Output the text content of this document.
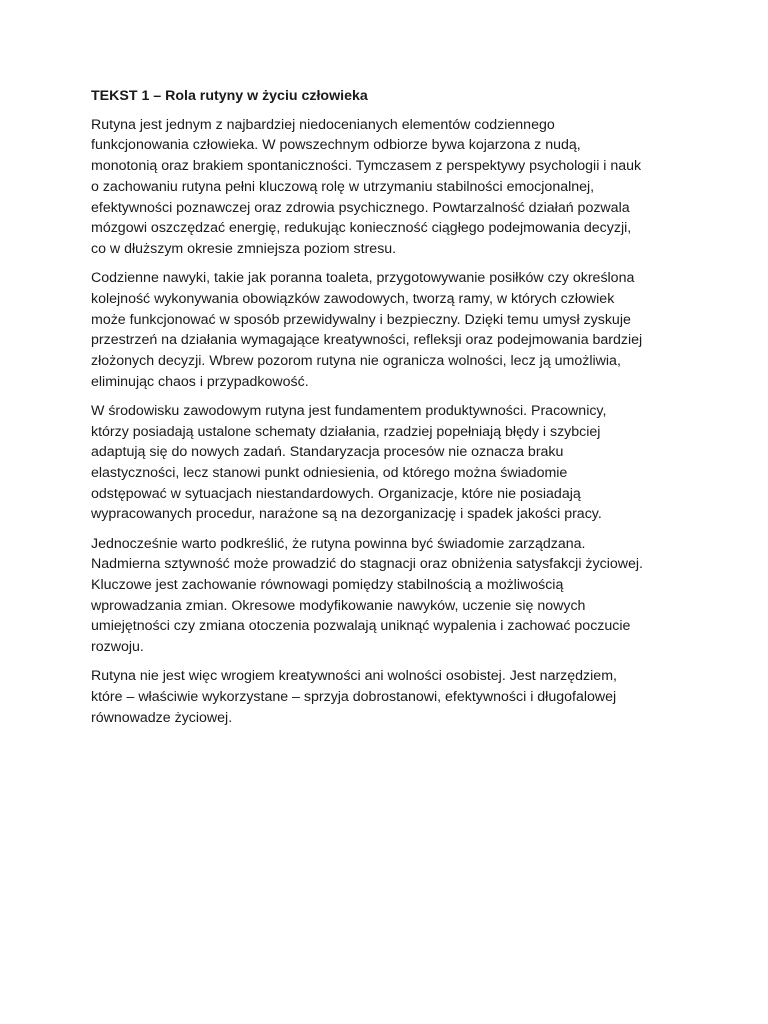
TEKST 1 – Rola rutyny w życiu człowieka
Rutyna jest jednym z najbardziej niedocenianych elementów codziennego
funkcjonowania człowieka. W powszechnym odbiorze bywa kojarzona z nudą,
monotonią oraz brakiem spontaniczności. Tymczasem z perspektywy psychologii i nauk
o zachowaniu rutyna pełni kluczową rolę w utrzymaniu stabilności emocjonalnej,
efektywności poznawczej oraz zdrowia psychicznego. Powtarzalność działań pozwala
mózgowi oszczędzać energię, redukując konieczność ciągłego podejmowania decyzji,
co w dłuższym okresie zmniejsza poziom stresu.
Codzienne nawyki, takie jak poranna toaleta, przygotowywanie posiłków czy określona
kolejność wykonywania obowiązków zawodowych, tworzą ramy, w których człowiek
może funkcjonować w sposób przewidywalny i bezpieczny. Dzięki temu umysł zyskuje
przestrzeń na działania wymagające kreatywności, refleksji oraz podejmowania bardziej
złożonych decyzji. Wbrew pozorom rutyna nie ogranicza wolności, lecz ją umożliwia,
eliminując chaos i przypadkowość.
W środowisku zawodowym rutyna jest fundamentem produktywności. Pracownicy,
którzy posiadają ustalone schematy działania, rzadziej popełniają błędy i szybciej
adaptują się do nowych zadań. Standaryzacja procesów nie oznacza braku
elastyczności, lecz stanowi punkt odniesienia, od którego można świadomie
odstępować w sytuacjach niestandardowych. Organizacje, które nie posiadają
wypracowanych procedur, narażone są na dezorganizację i spadek jakości pracy.
Jednocześnie warto podkreślić, że rutyna powinna być świadomie zarządzana.
Nadmierna sztywność może prowadzić do stagnacji oraz obniżenia satysfakcji życiowej.
Kluczowe jest zachowanie równowagi pomiędzy stabilnością a możliwością
wprowadzania zmian. Okresowe modyfikowanie nawyków, uczenie się nowych
umiejętności czy zmiana otoczenia pozwalają uniknąć wypalenia i zachować poczucie
rozwoju.
Rutyna nie jest więc wrogiem kreatywności ani wolności osobistej. Jest narzędziem,
które – właściwie wykorzystane – sprzyja dobrostanowi, efektywności i długofalowej
równowadze życiowej.
